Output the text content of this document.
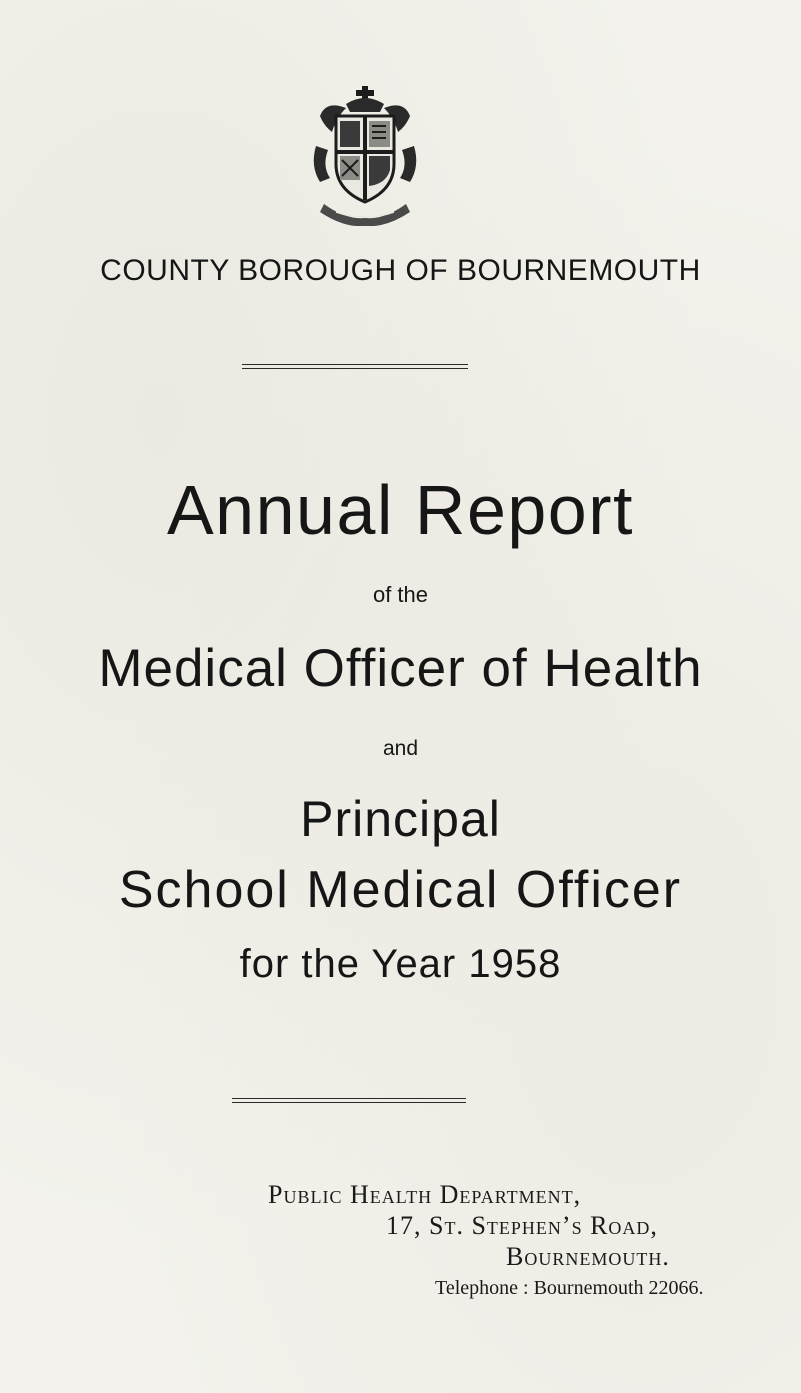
COUNTY BOROUGH OF BOURNEMOUTH
Annual Report
of the
Medical Officer of Health
and
Principal
School Medical Officer
for the Year 1958
Public Health Department,
17, St. Stephen’s Road,
Bournemouth.
Telephone : Bournemouth 22066.
